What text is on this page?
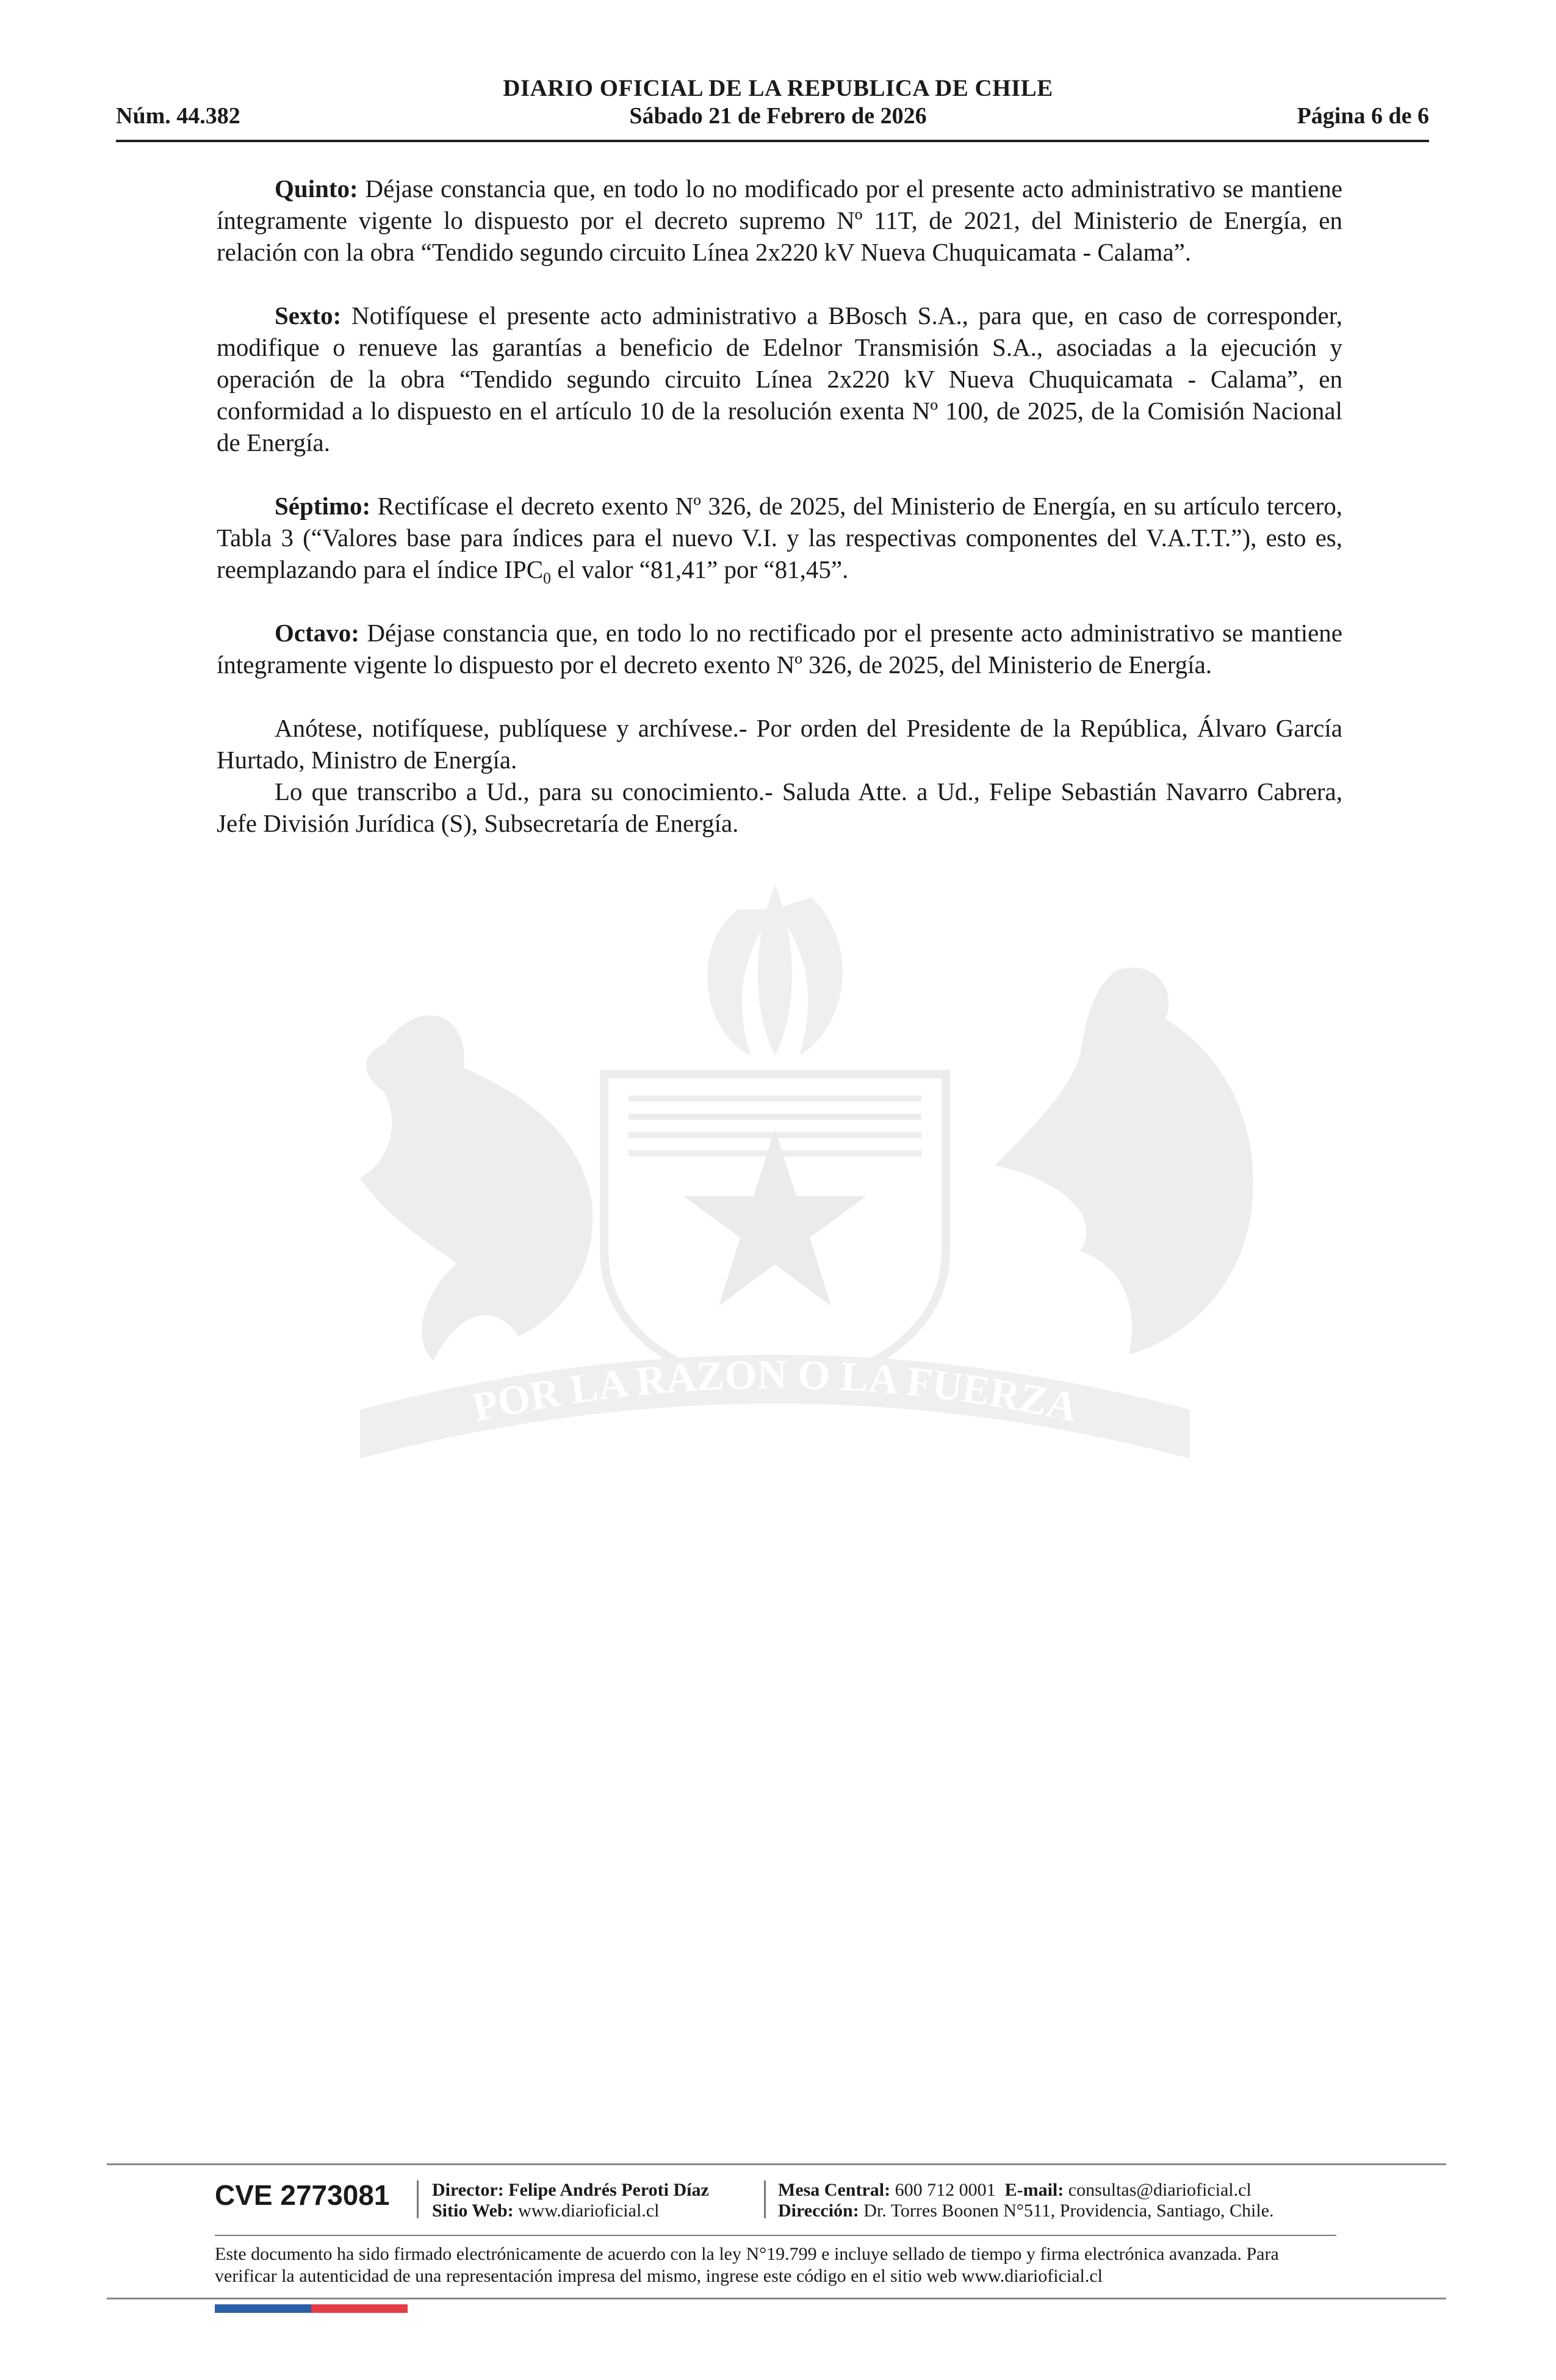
DIARIO OFICIAL DE LA REPUBLICA DE CHILE
Núm. 44.382	Sábado 21 de Febrero de 2026	Página 6 de 6
POR LA RAZON O LA FUERZA

Quinto: Déjase constancia que, en todo lo no modificado por el presente acto administrativo se mantiene íntegramente vigente lo dispuesto por el decreto supremo Nº 11T, de 2021, del Ministerio de Energía, en relación con la obra “Tendido segundo circuito Línea 2x220 kV Nueva Chuquicamata - Calama”.

Sexto: Notifíquese el presente acto administrativo a BBosch S.A., para que, en caso de corresponder, modifique o renueve las garantías a beneficio de Edelnor Transmisión S.A., asociadas a la ejecución y operación de la obra “Tendido segundo circuito Línea 2x220 kV Nueva Chuquicamata - Calama”, en conformidad a lo dispuesto en el artículo 10 de la resolución exenta Nº 100, de 2025, de la Comisión Nacional de Energía.

Séptimo: Rectifícase el decreto exento Nº 326, de 2025, del Ministerio de Energía, en su artículo tercero, Tabla 3 (“Valores base para índices para el nuevo V.I. y las respectivas componentes del V.A.T.T.”), esto es, reemplazando para el índice $IPC_0$ el valor “81,41” por “81,45”.

Octavo: Déjase constancia que, en todo lo no rectificado por el presente acto administrativo se mantiene íntegramente vigente lo dispuesto por el decreto exento Nº 326, de 2025, del Ministerio de Energía.

Anótese, notifíquese, publíquese y archívese.- Por orden del Presidente de la República, Álvaro García Hurtado, Ministro de Energía.

Lo que transcribo a Ud., para su conocimiento.- Saluda Atte. a Ud., Felipe Sebastián Navarro Cabrera, Jefe División Jurídica (S), Subsecretaría de Energía.

CVE 2773081 Director: Felipe Andrés Peroti Díaz
Sitio Web: www.diarioficial.cl
Mesa Central: 600 712 0001 E-mail: consultas@diarioficial.cl
Dirección: Dr. Torres Boonen N°511, Providencia, Santiago, Chile.
Este documento ha sido firmado electrónicamente de acuerdo con la ley N°19.799 e incluye sellado de tiempo y firma electrónica avanzada. Para verificar la autenticidad de una representación impresa del mismo, ingrese este código en el sitio web www.diarioficial.cl
